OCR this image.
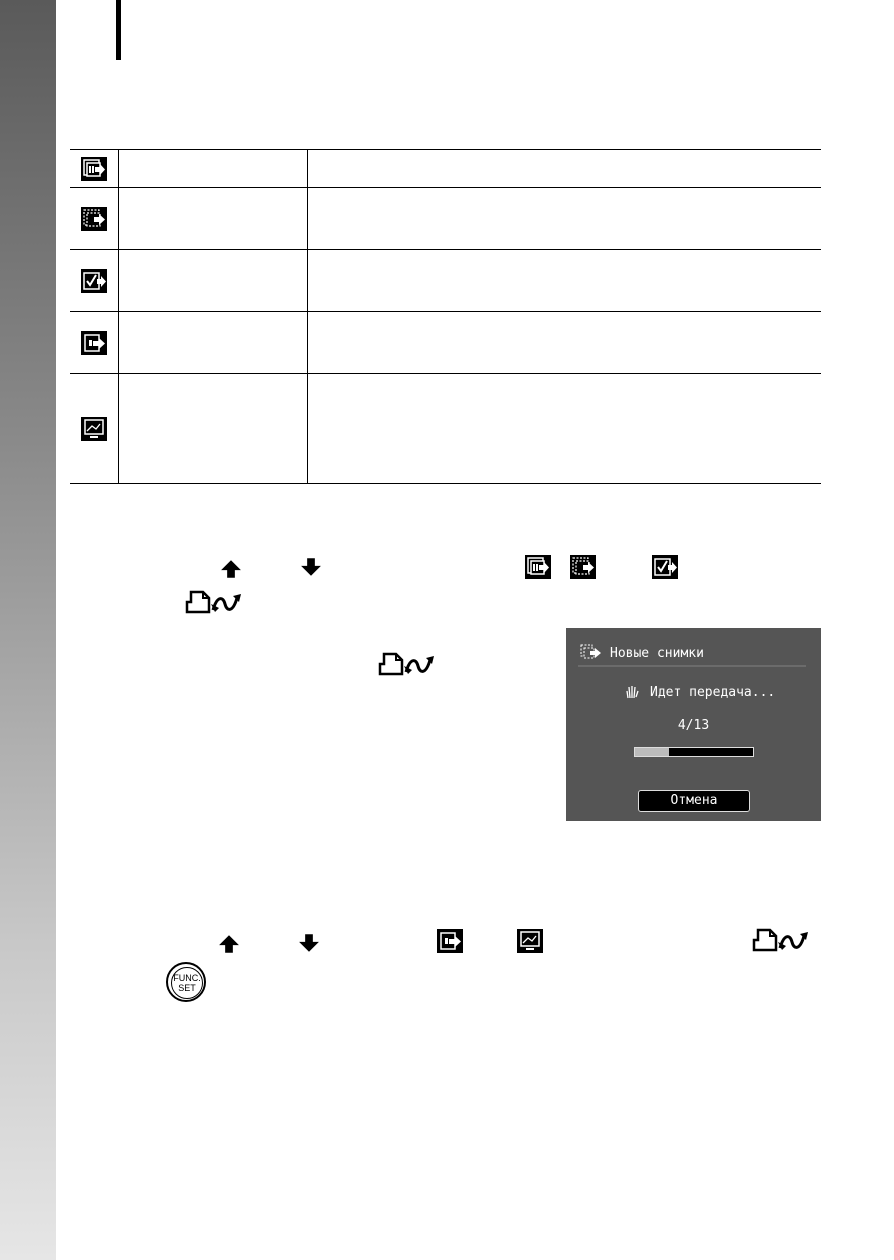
Новые снимки
Идет передача...
4/13
Отмена
FUNC.
SET
